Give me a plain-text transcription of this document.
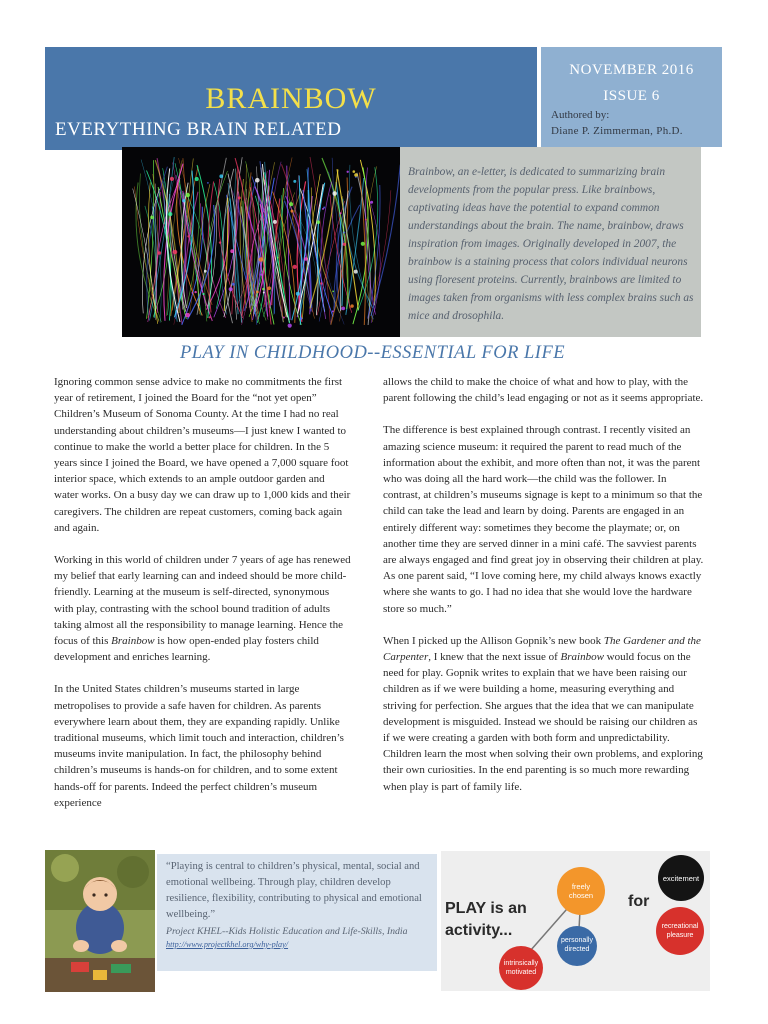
BRAINBOW
EVERYTHING BRAIN RELATED
NOVEMBER 2016
ISSUE 6
Authored by:
Diane P. Zimmerman, Ph.D.
Brainbow, an e-letter, is dedicated to summarizing brain developments from the popular press. Like brainbows, captivating ideas have the potential to expand common understandings about the brain. The name, brainbow, draws inspiration from images. Originally developed in 2007, the brainbow is a staining process that colors individual neurons using floresent proteins. Currently, brainbows are limited to images taken from organisms with less complex brains such as mice and drosophila.
PLAY IN CHILDHOOD--ESSENTIAL FOR LIFE

Ignoring common sense advice to make no commitments the first year of retirement, I joined the Board for the “not yet open” Children’s Museum of Sonoma County. At the time I had no real understanding about children’s museums—I just knew I wanted to continue to make the world a better place for children. In the 5 years since I joined the Board, we have opened a 7,000 square foot interior space, which extends to an ample outdoor garden and water works. On a busy day we can draw up to 1,000 kids and their caregivers. The children are repeat customers, coming back again and again.

Working in this world of children under 7 years of age has renewed my belief that early learning can and indeed should be more child-friendly. Learning at the museum is self-directed, synonymous with play, contrasting with the school bound tradition of adults taking almost all the responsibility to manage learning. Hence the focus of this Brainbow is how open-ended play fosters child development and enriches learning.

In the United States children’s museums started in large metropolises to provide a safe haven for children. As parents everywhere learn about them, they are expanding rapidly. Unlike traditional museums, which limit touch and interaction, children’s museums invite manipulation. In fact, the philosophy behind children’s museums is hands-on for children, and to some extent hands-off for parents. Indeed the perfect children’s museum experience

allows the child to make the choice of what and how to play, with the parent following the child’s lead engaging or not as it seems appropriate.

The difference is best explained through contrast. I recently visited an amazing science museum: it required the parent to read much of the information about the exhibit, and more often than not, it was the parent who was doing all the hard work—the child was the follower. In contrast, at children’s museums signage is kept to a minimum so that the child can take the lead and learn by doing. Parents are engaged in an entirely different way: sometimes they become the playmate; or, on another time they are served dinner in a mini café. The savviest parents are always engaged and find great joy in observing their children at play. As one parent said, “I love coming here, my child always knows exactly where she wants to go. I had no idea that she would love the hardware store so much.”

When I picked up the Allison Gopnik’s new book The Gardener and the Carpenter, I knew that the next issue of Brainbow would focus on the need for play. Gopnik writes to explain that we have been raising our children as if we were building a home, measuring everything and striving for perfection. She argues that the idea that we can manipulate development is misguided. Instead we should be raising our children as if we were creating a garden with both form and unpredictability. Children learn the most when solving their own problems, and exploring their own curiosities. In the end parenting is so much more rewarding when play is part of family life.

“Playing is central to children’s physical, mental, social and emotional wellbeing. Through play, children develop resilience, flexibility, contributing to physical and emotional wellbeing.”
Project KHEL--Kids Holistic Education and Life-Skills, India
http://www.projectkhel.org/why-play/
PLAY is an
activity...
freely chosen
personally directed
intrinsically motivated
for
excitement
recreational pleasure
